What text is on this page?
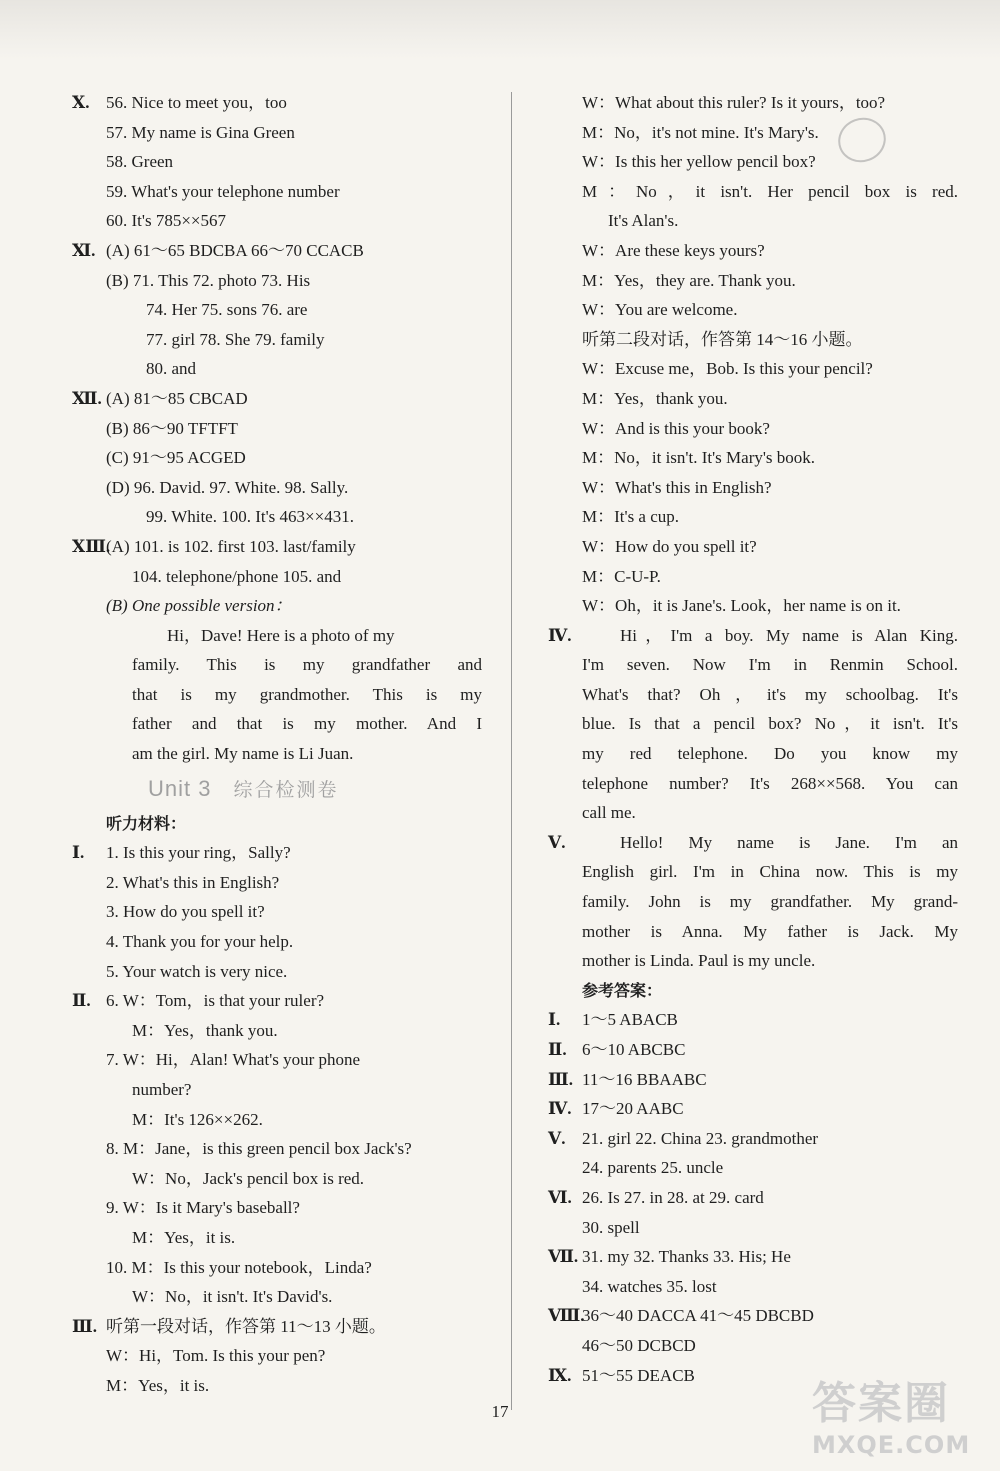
Ⅹ. 56. Nice to meet you，too
57. My name is Gina Green
58. Green
59. What's your telephone number
60. It's 785××567
Ⅺ. (A) 61～65 BDCBA 66～70 CCACB
(B) 71. This 72. photo 73. His
74. Her 75. sons 76. are
77. girl 78. She 79. family
80. and
Ⅻ. (A) 81～85 CBCAD
(B) 86～90 TFTFT
(C) 91～95 ACGED
(D) 96. David. 97. White. 98. Sally.
99. White. 100. It's 463××431.
ⅩⅢ.(A) 101. is 102. first 103. last/family
104. telephone/phone 105. and
(B) One possible version：
Hi，Dave! Here is a photo of my
family. This is my grandfather and
that is my grandmother. This is my
father and that is my mother. And I
am the girl. My name is Li Juan.
Unit 3 综合检测卷
听力材料：
Ⅰ. 1. Is this your ring，Sally?
2. What's this in English?
3. How do you spell it?
4. Thank you for your help.
5. Your watch is very nice.
Ⅱ. 6. W：Tom，is that your ruler?
M：Yes，thank you.
7. W：Hi，Alan! What's your phone
number?
M：It's 126××262.
8. M：Jane，is this green pencil box Jack's?
W：No，Jack's pencil box is red.
9. W：Is it Mary's baseball?
M：Yes，it is.
10. M：Is this your notebook，Linda?
W：No，it isn't. It's David's.
Ⅲ. 听第一段对话，作答第 11～13 小题。
W：Hi，Tom. Is this your pen?
M：Yes，it is.
W：What about this ruler? Is it yours，too?
M：No，it's not mine. It's Mary's.
W：Is this her yellow pencil box?
M：No，it isn't. Her pencil box is red.
It's Alan's.
W：Are these keys yours?
M：Yes，they are. Thank you.
W：You are welcome.
听第二段对话，作答第 14～16 小题。
W：Excuse me，Bob. Is this your pencil?
M：Yes，thank you.
W：And is this your book?
M：No，it isn't. It's Mary's book.
W：What's this in English?
M：It's a cup.
W：How do you spell it?
M：C-U-P.
W：Oh，it is Jane's. Look，her name is on it.
Ⅳ.	Hi，I'm a boy. My name is Alan King.
I'm seven. Now I'm in Renmin School.
What's that? Oh，it's my schoolbag. It's
blue. Is that a pencil box? No，it isn't. It's
my red telephone. Do you know my
telephone number? It's 268××568. You can
call me.
Ⅴ.	Hello! My name is Jane. I'm an
English girl. I'm in China now. This is my
family. John is my grandfather. My grand-
mother is Anna. My father is Jack. My
mother is Linda. Paul is my uncle.
参考答案：
Ⅰ. 1～5 ABACB
Ⅱ. 6～10 ABCBC
Ⅲ. 11～16 BBAABC
Ⅳ. 17～20 AABC
Ⅴ. 21. girl 22. China 23. grandmother
24. parents 25. uncle
Ⅵ. 26. Is 27. in 28. at 29. card
30. spell
Ⅶ. 31. my 32. Thanks 33. His; He
34. watches 35. lost
Ⅷ.36～40 DACCA 41～45 DBCBD
46～50 DCBCD
Ⅸ. 51～55 DEACB
17	答案圈
MXQE.COM
